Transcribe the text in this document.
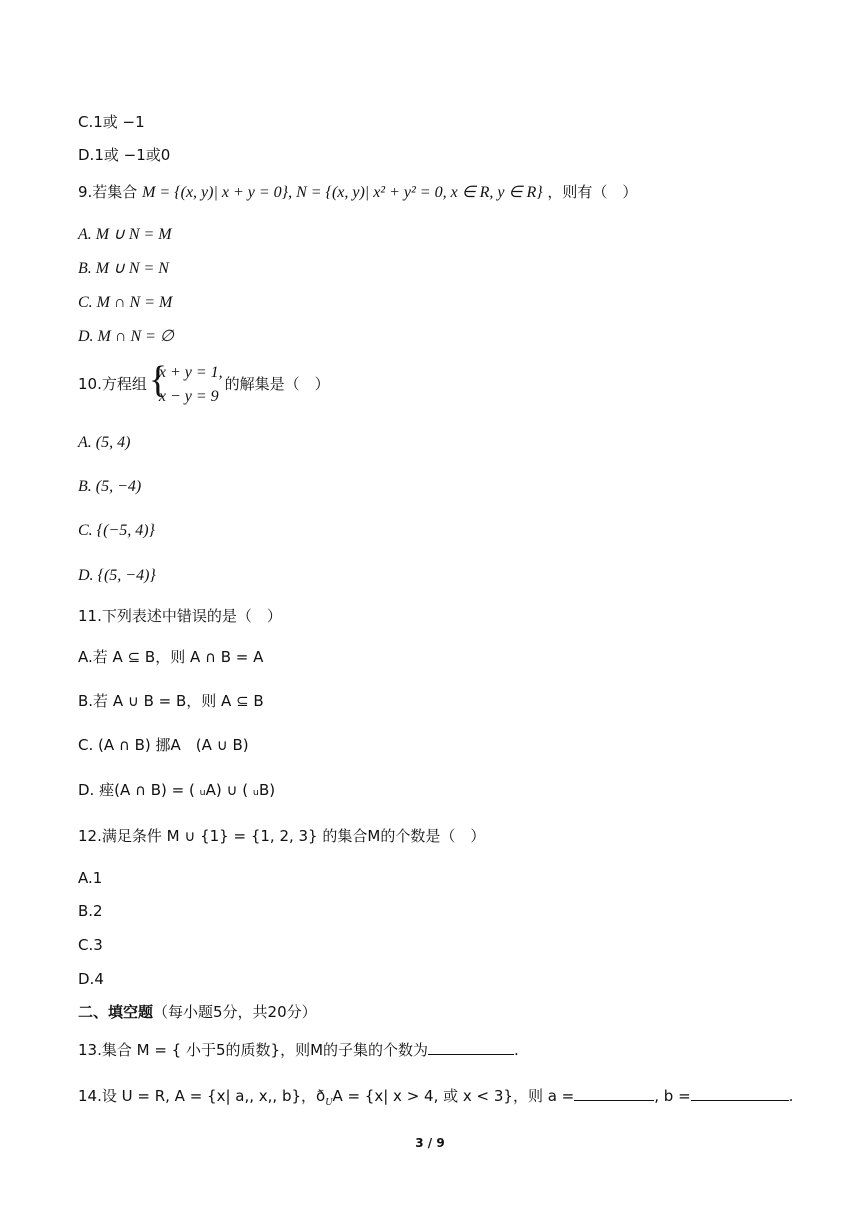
C.1或 −1
D.1或 −1或0
9.若集合 M = {(x, y)| x + y = 0}, N = {(x, y)| x² + y² = 0, x ∈ R, y ∈ R} ，则有（　）
A. M ∪ N = M
B. M ∪ N = N
C. M ∩ N = M
D. M ∩ N = ∅
10.方程组 {
x + y = 1,
x − y = 9
的解集是（　）
A. (5, 4)
B. (5, −4)
C. {(−5, 4)}
D. {(5, −4)}
11.下列表述中错误的是（　）
A.若 A ⊆ B，则 A ∩ B = A
B.若 A ∪ B = B，则 A ⊆ B
C. (A ∩ B) 挪A　(A ∪ B)
D. 痤(A ∩ B) = ( ᵤA) ∪ ( ᵤB)
12.满足条件 M ∪ {1} = {1, 2, 3} 的集合M的个数是（　）
A.1
B.2
C.3
D.4
二、填空题（每小题5分，共20分）
13.集合 M = { 小于5的质数}，则M的子集的个数为	.
14.设 U = R, A = {x| a,, x,, b}，$ð_UA = \{x|$ x > 4, 或 x < 3}，则 a =	, b =	.
3 / 9
